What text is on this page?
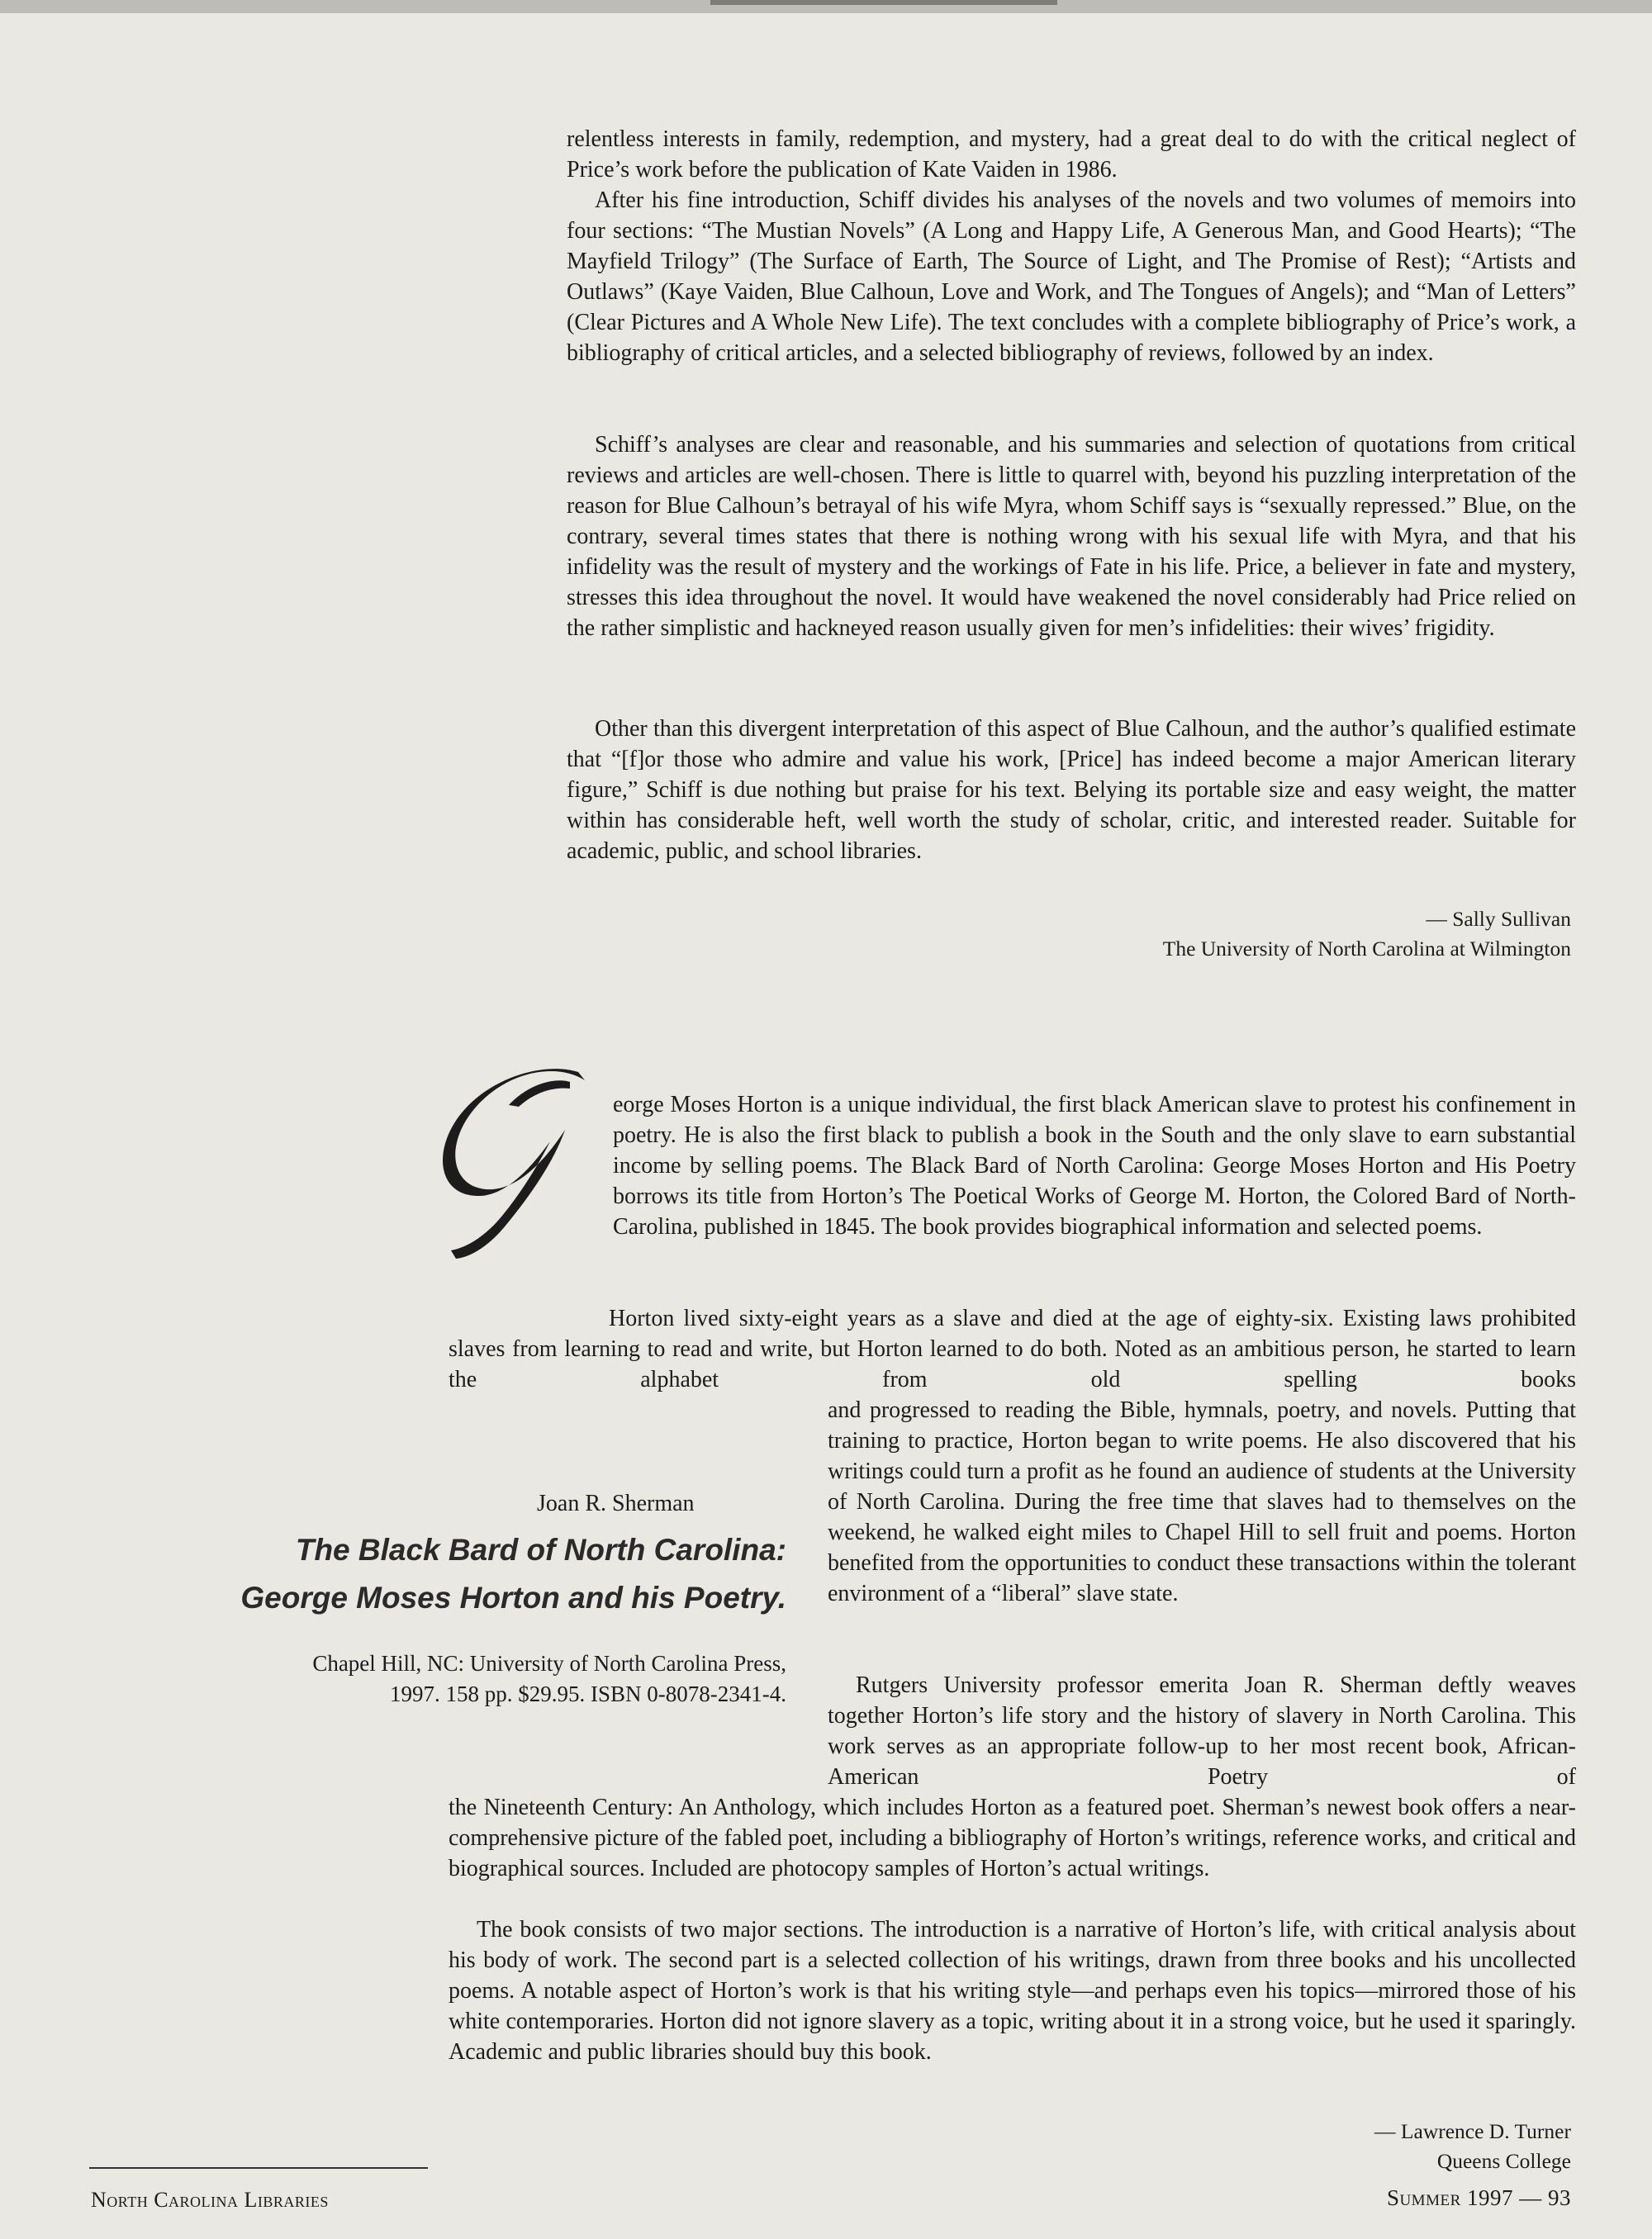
relentless interests in family, redemption, and mystery, had a great deal to do with the critical neglect of Price’s work before the publication of Kate Vaiden in 1986.

After his fine introduction, Schiff divides his analyses of the novels and two volumes of memoirs into four sections: “The Mustian Novels” (A Long and Happy Life, A Generous Man, and Good Hearts); “The Mayfield Trilogy” (The Surface of Earth, The Source of Light, and The Promise of Rest); “Artists and Outlaws” (Kaye Vaiden, Blue Calhoun, Love and Work, and The Tongues of Angels); and “Man of Letters” (Clear Pictures and A Whole New Life). The text concludes with a complete bibliography of Price’s work, a bibliography of critical articles, and a selected bibliography of reviews, followed by an index.

Schiff’s analyses are clear and reasonable, and his summaries and selection of quotations from critical reviews and articles are well-chosen. There is little to quarrel with, beyond his puzzling interpretation of the reason for Blue Calhoun’s betrayal of his wife Myra, whom Schiff says is “sexually repressed.” Blue, on the contrary, several times states that there is nothing wrong with his sexual life with Myra, and that his infidelity was the result of mystery and the workings of Fate in his life. Price, a believer in fate and mystery, stresses this idea throughout the novel. It would have weakened the novel considerably had Price relied on the rather simplistic and hackneyed reason usually given for men’s infidelities: their wives’ frigidity.

Other than this divergent interpretation of this aspect of Blue Calhoun, and the author’s qualified estimate that “[f]or those who admire and value his work, [Price] has indeed become a major American literary figure,” Schiff is due nothing but praise for his text. Belying its portable size and easy weight, the matter within has considerable heft, well worth the study of scholar, critic, and interested reader. Suitable for academic, public, and school libraries.

— Sally Sullivan
The University of North Carolina at Wilmington

eorge Moses Horton is a unique individual, the first black American slave to protest his confinement in poetry. He is also the first black to publish a book in the South and the only slave to earn substantial income by selling poems. The Black Bard of North Carolina: George Moses Horton and His Poetry borrows its title from Horton’s The Poetical Works of George M. Horton, the Colored Bard of North-Carolina, published in 1845. The book provides biographical information and selected poems.

Horton lived sixty-eight years as a slave and died at the age of eighty-six. Existing laws prohibited slaves from learning to read and write, but Horton learned to do both. Noted as an ambitious person, he started to learn the alphabet from old spelling books

and progressed to reading the Bible, hymnals, poetry, and novels. Putting that training to practice, Horton began to write poems. He also discovered that his writings could turn a profit as he found an audience of students at the University of North Carolina. During the free time that slaves had to themselves on the weekend, he walked eight miles to Chapel Hill to sell fruit and poems. Horton benefited from the opportunities to conduct these transactions within the tolerant environment of a “liberal” slave state.

Rutgers University professor emerita Joan R. Sherman deftly weaves together Horton’s life story and the history of slavery in North Carolina. This work serves as an appropriate follow-up to her most recent book, African-American Poetry of

the Nineteenth Century: An Anthology, which includes Horton as a featured poet. Sherman’s newest book offers a near-comprehensive picture of the fabled poet, including a bibliography of Horton’s writings, reference works, and critical and biographical sources. Included are photocopy samples of Horton’s actual writings.

The book consists of two major sections. The introduction is a narrative of Horton’s life, with critical analysis about his body of work. The second part is a selected collection of his writings, drawn from three books and his uncollected poems. A notable aspect of Horton’s work is that his writing style—and perhaps even his topics—mirrored those of his white contemporaries. Horton did not ignore slavery as a topic, writing about it in a strong voice, but he used it sparingly. Academic and public libraries should buy this book.

Joan R. Sherman
The Black Bard of North Carolina:
George Moses Horton and his Poetry.
Chapel Hill, NC: University of North Carolina Press,
1997. 158 pp. $29.95. ISBN 0-8078-2341-4.
— Lawrence D. Turner
Queens College
North Carolina Libraries	Summer 1997 — 93
